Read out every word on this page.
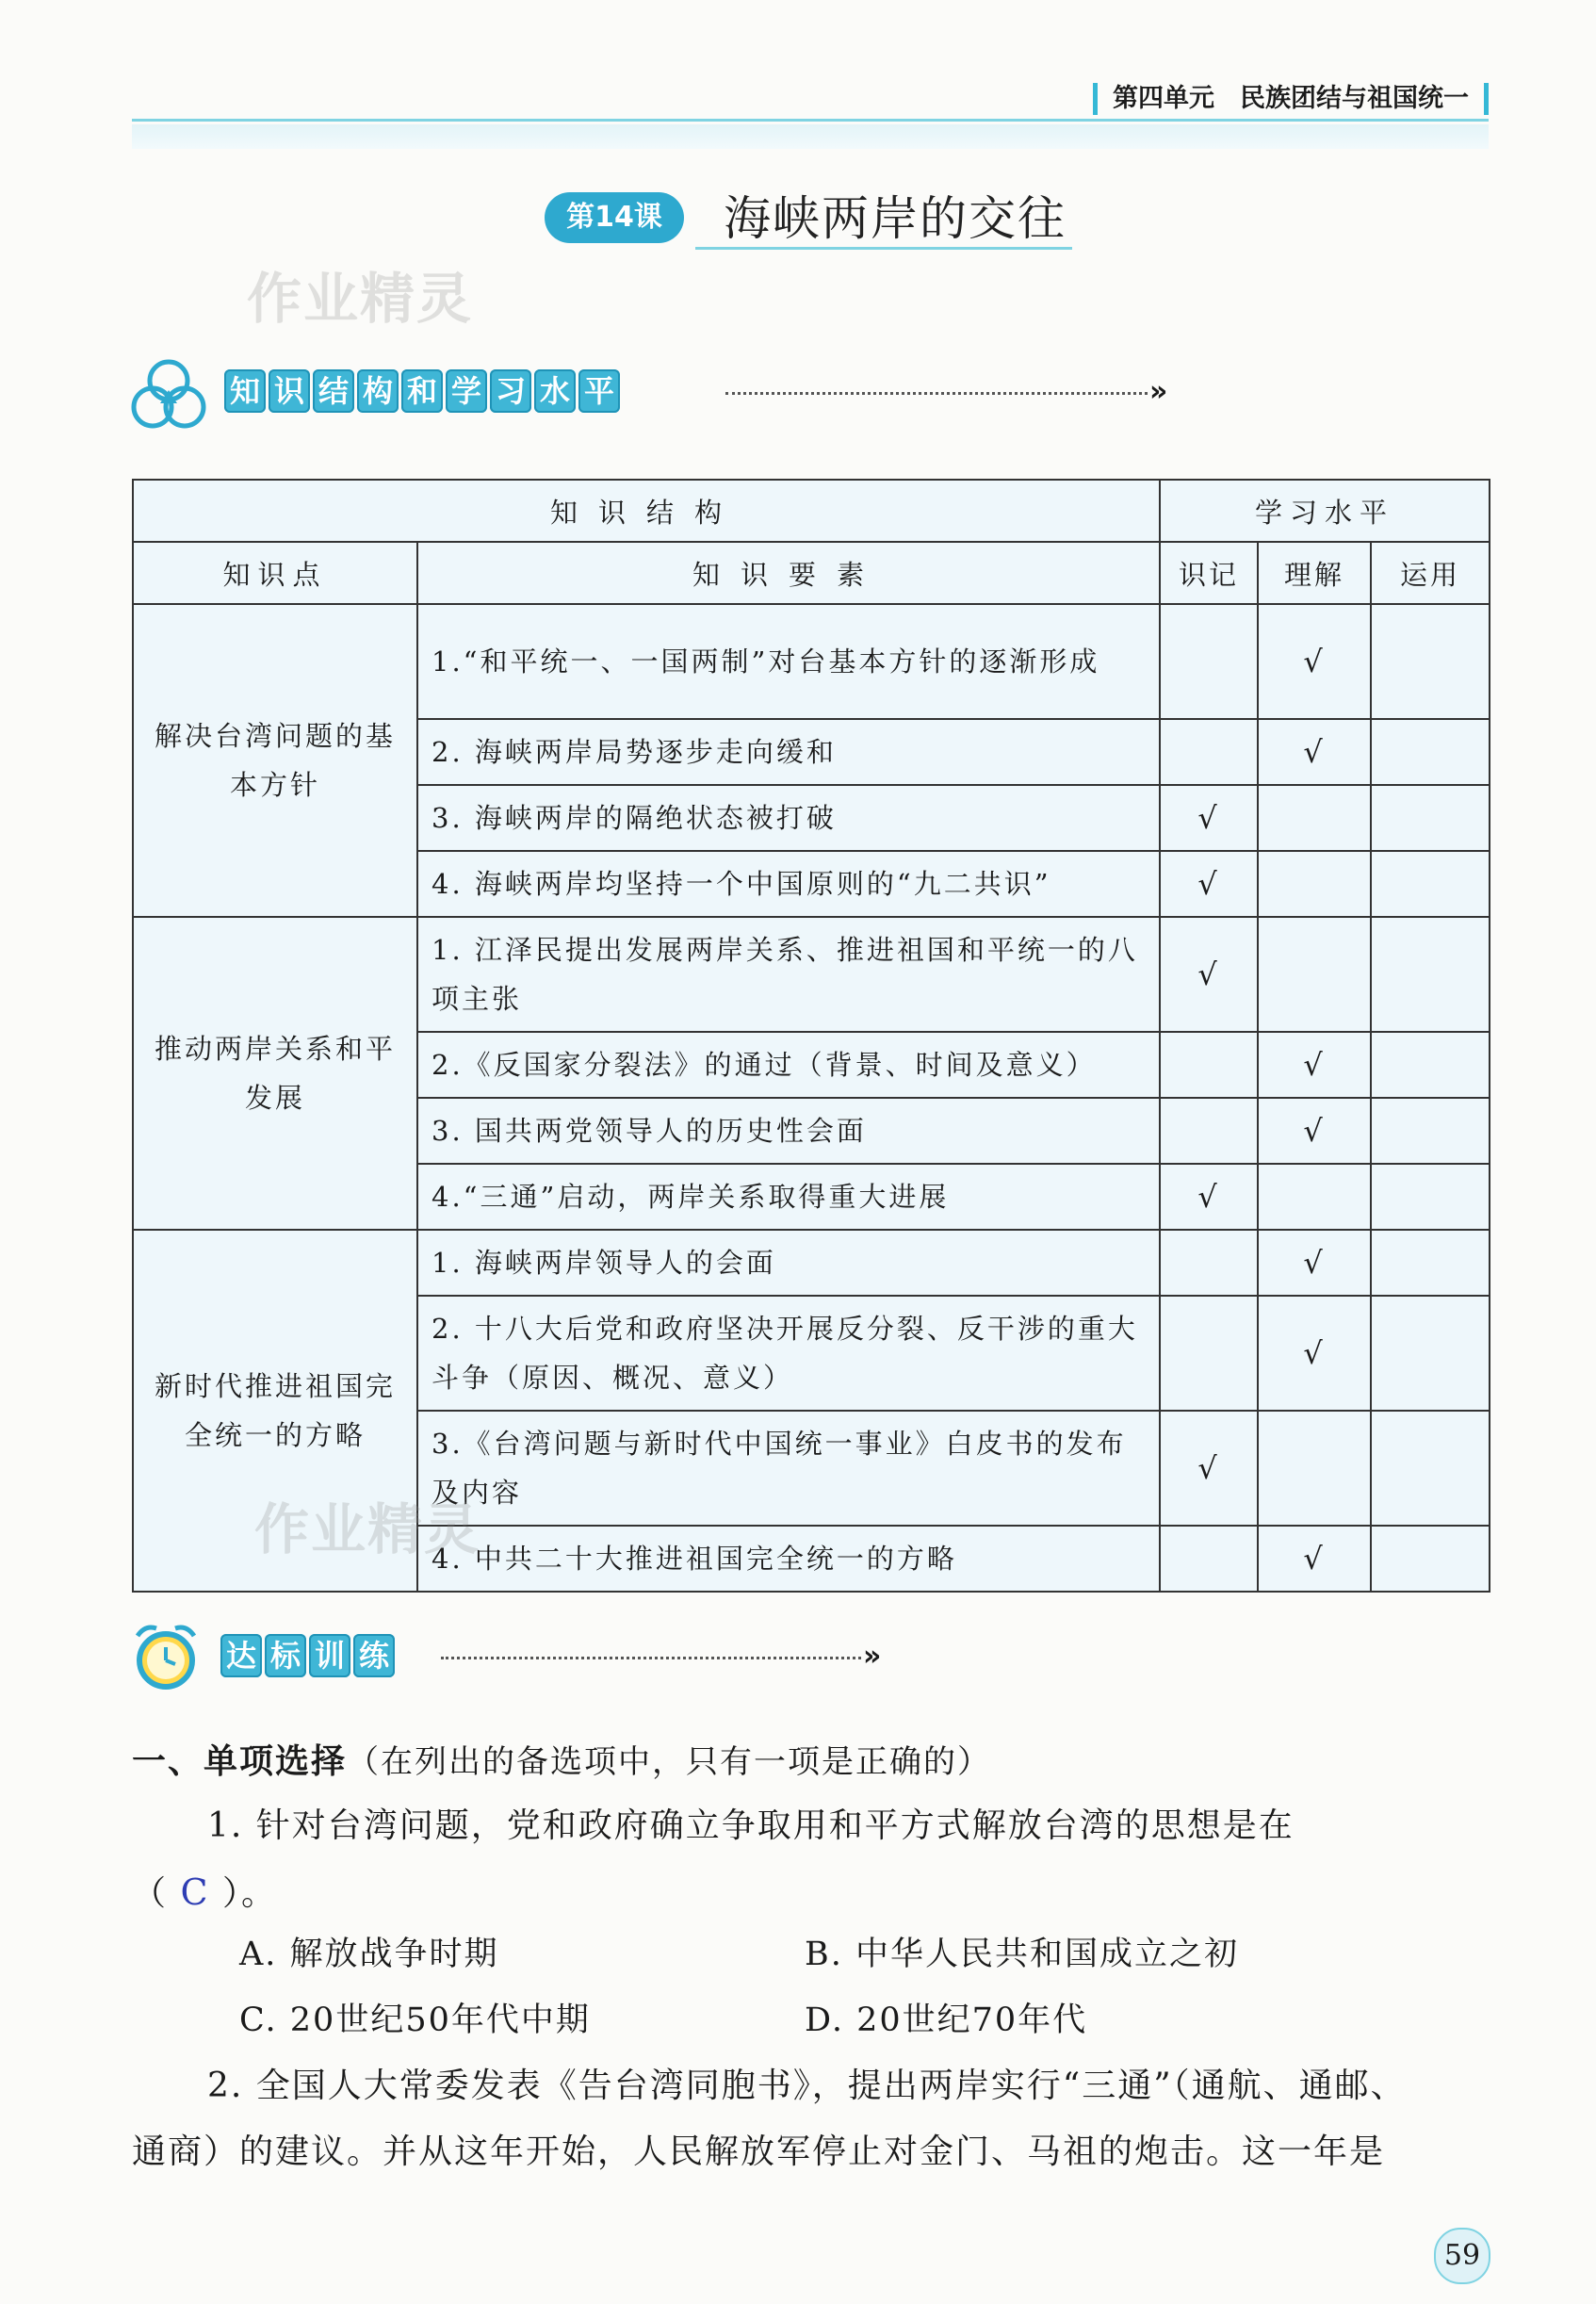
第四单元　民族团结与祖国统一
第14课	海峡两岸的交往
作业精灵
知 识 结 构 和 学 习 水 平	»
知识结构		学习水平		
知识点	知识要素	识记	理解	运用
解决台湾问题的基本方针	1.“和平统一、一国两制”对台基本方针的逐渐形成		√	
	2. 海峡两岸局势逐步走向缓和		√	
	3. 海峡两岸的隔绝状态被打破	√		
	4. 海峡两岸均坚持一个中国原则的“九二共识”	√		
推动两岸关系和平发展	1. 江泽民提出发展两岸关系、推进祖国和平统一的八项主张	√		
	2.《反国家分裂法》的通过（背景、时间及意义）		√	
	3. 国共两党领导人的历史性会面		√	
	4.“三通”启动，两岸关系取得重大进展	√		
新时代推进祖国完全统一的方略	1. 海峡两岸领导人的会面		√	
	2. 十八大后党和政府坚决开展反分裂、反干涉的重大斗争（原因、概况、意义）		√	
	3.《台湾问题与新时代中国统一事业》白皮书的发布及内容	√		
	4. 中共二十大推进祖国完全统一的方略		√	
作业精灵
达 标 训 练	»
一、单项选择（在列出的备选项中，只有一项是正确的）
1. 针对台湾问题，党和政府确立争取用和平方式解放台湾的思想是在
（ C ）。
A. 解放战争时期	B. 中华人民共和国成立之初
C. 20世纪50年代中期	D. 20世纪70年代
2. 全国人大常委发表《告台湾同胞书》，提出两岸实行“三通”（通航、通邮、
通商）的建议。并从这年开始，人民解放军停止对金门、马祖的炮击。这一年是
59
